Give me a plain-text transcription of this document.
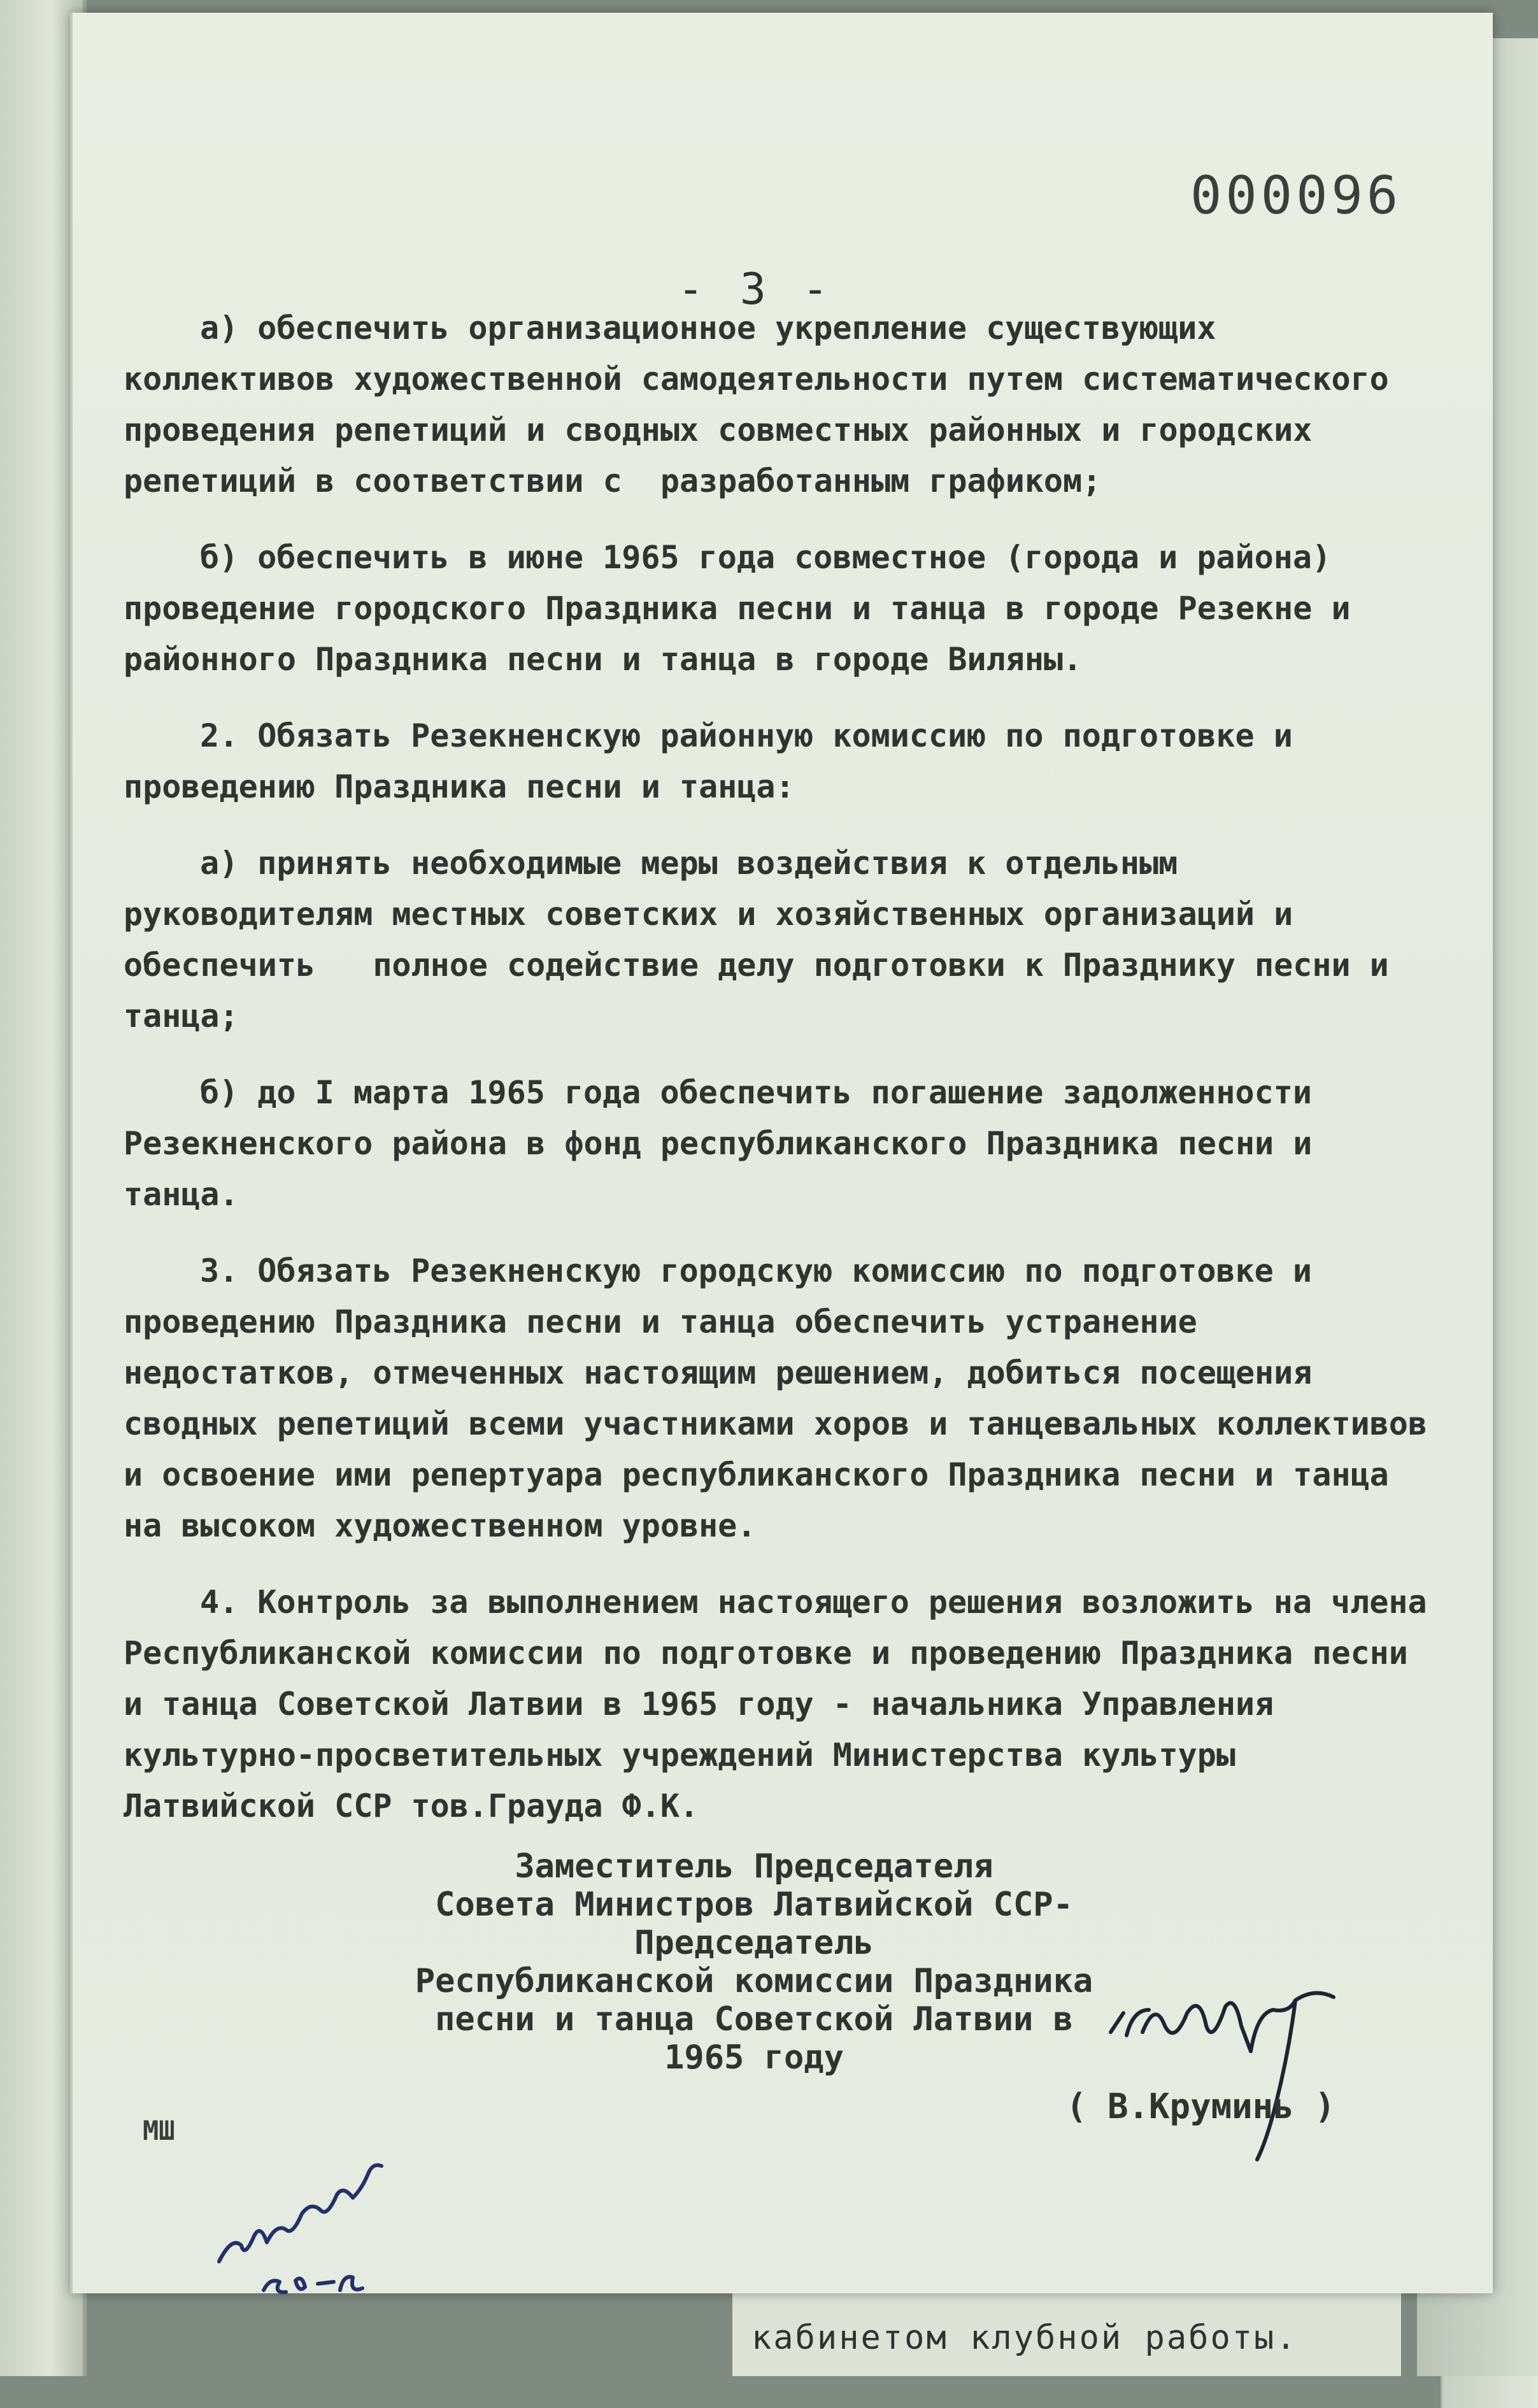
кабинетом клубной работы.
000096
- 3 -

а) обеспечить организационное укрепление существующих коллективов художественной самодеятельности путем систематического проведения репетиций и сводных совместных районных и городских репетиций в соответствии с  разработанным графиком;

б) обеспечить в июне 1965 года совместное (города и района) проведение городского Праздника песни и танца в городе Резекне и районного Праздника песни и танца в городе Виляны.

2. Обязать Резекненскую районную комиссию по подготовке и проведению Праздника песни и танца:

а) принять необходимые меры воздействия к отдельным руководителям местных советских и хозяйственных организаций и обеспечить   полное содействие делу подготовки к Празднику песни и танца;

б) до I марта 1965 года обеспечить погашение задолженности Резекненского района в фонд республиканского Праздника песни и танца.

3. Обязать Резекненскую городскую комиссию по подготовке и проведению Праздника песни и танца обеспечить устранение недостатков, отмеченных настоящим решением, добиться посещения сводных репетиций всеми участниками хоров и танцевальных коллективов и освоение ими репертуара республиканского Праздника песни и танца на высоком художественном уровне.

4. Контроль за выполнением настоящего решения возложить на члена Республиканской комиссии по подготовке и проведению Праздника песни и танца Советской Латвии в 1965 году - начальника Управления культурно-просветительных учреждений Министерства культуры Латвийской ССР тов.Грауда Ф.К.

Заместитель Председателя
Совета Министров Латвийской ССР-
Председатель
Республиканской комиссии Праздника
песни и танца Советской Латвии в
1965 году
( В.Круминь )
МШ
